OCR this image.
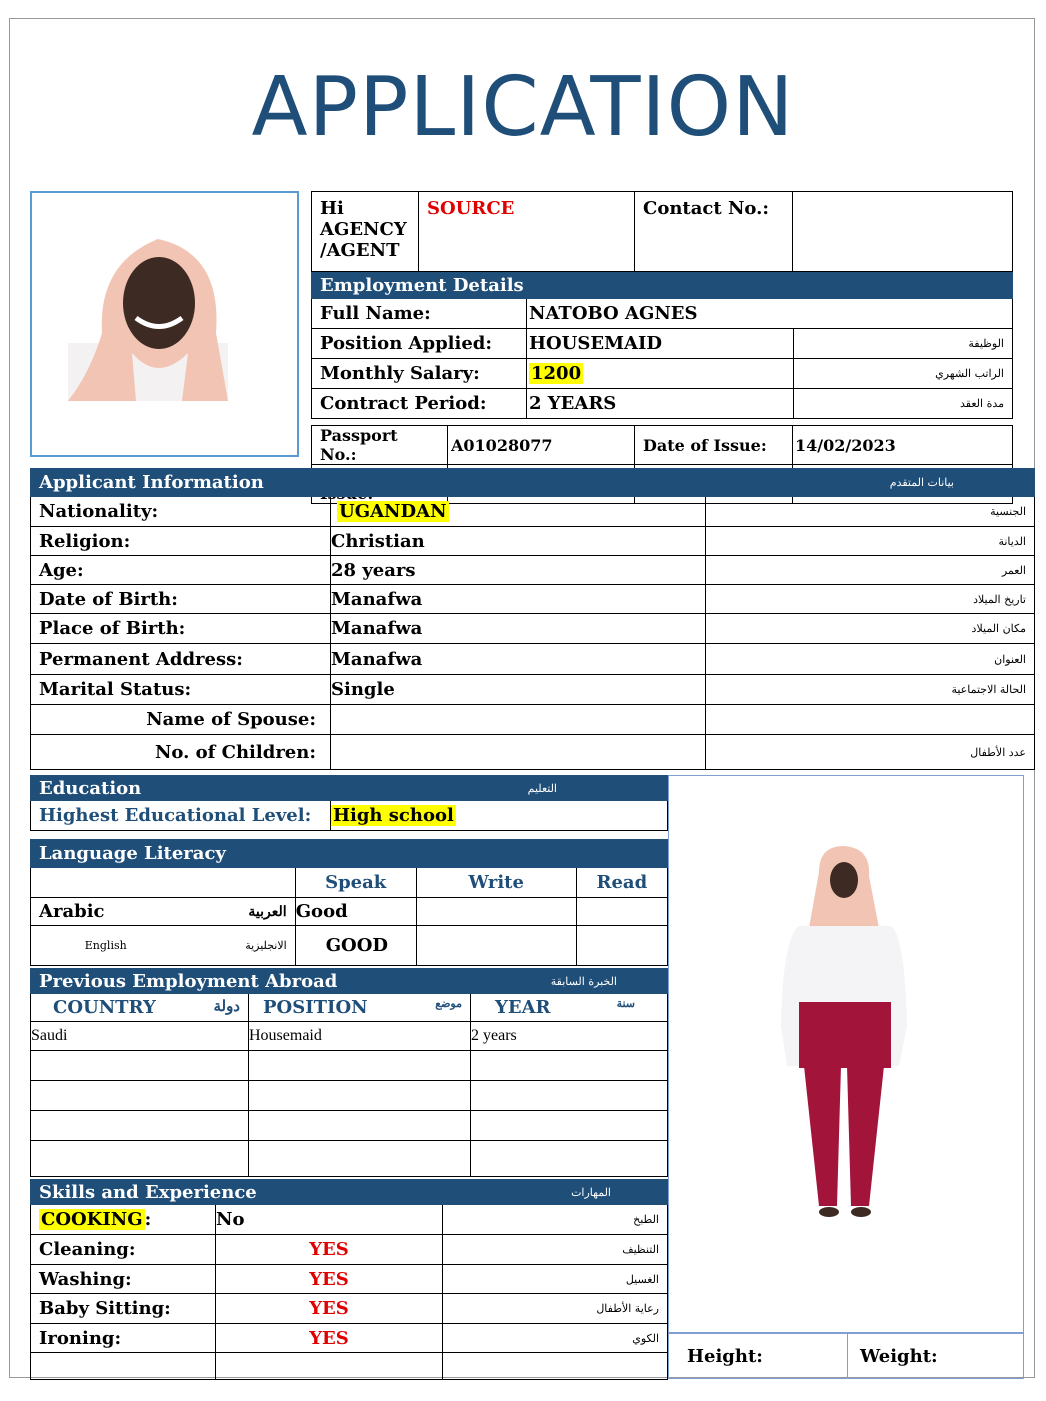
APPLICATION
Hi AGENCY /AGENT	SOURCE	Contact No.:	
Employment Details		
Full Name:	NATOBO AGNES	
Position Applied:	HOUSEMAID	الوظيفة
Monthly Salary:	1200	الراتب الشهري
Contract Period:	2 YEARS	مدة العقد
Passport No.:	A01028077	Date of Issue:	14/02/2023

Applicant Information		بيانات المتقدم
Nationality:	UGANDAN	الجنسية
Religion:	Christian	الديانة
Age:	28 years	العمر
Date of Birth:	Manafwa	تاريخ الميلاد
Place of Birth:	Manafwa	مكان الميلاد
Permanent Address:	Manafwa	العنوان
Marital Status:	Single	الحالة الاجتماعية
Name of Spouse:		
No. of Children:		عدد الأطفال
Education	التعليم
Highest Educational Level:	High school
Language Literacy				
		Speak	Write	Read
Arabic	العربية	Good		
English	الانجليزية	GOOD		
Previous Employment Abroad		الخبرة السابقة
COUNTRY دولة	POSITION موضع	YEAR سنة

Saudi	Housemaid	2 years

Skills and Experience		المهارات
COOKING :	No	الطبخ
Cleaning:	YES	التنظيف
Washing:	YES	الغسيل
Baby Sitting:	YES	رعاية الأطفال
Ironing:	YES	الكوي

Height:	Weight:
